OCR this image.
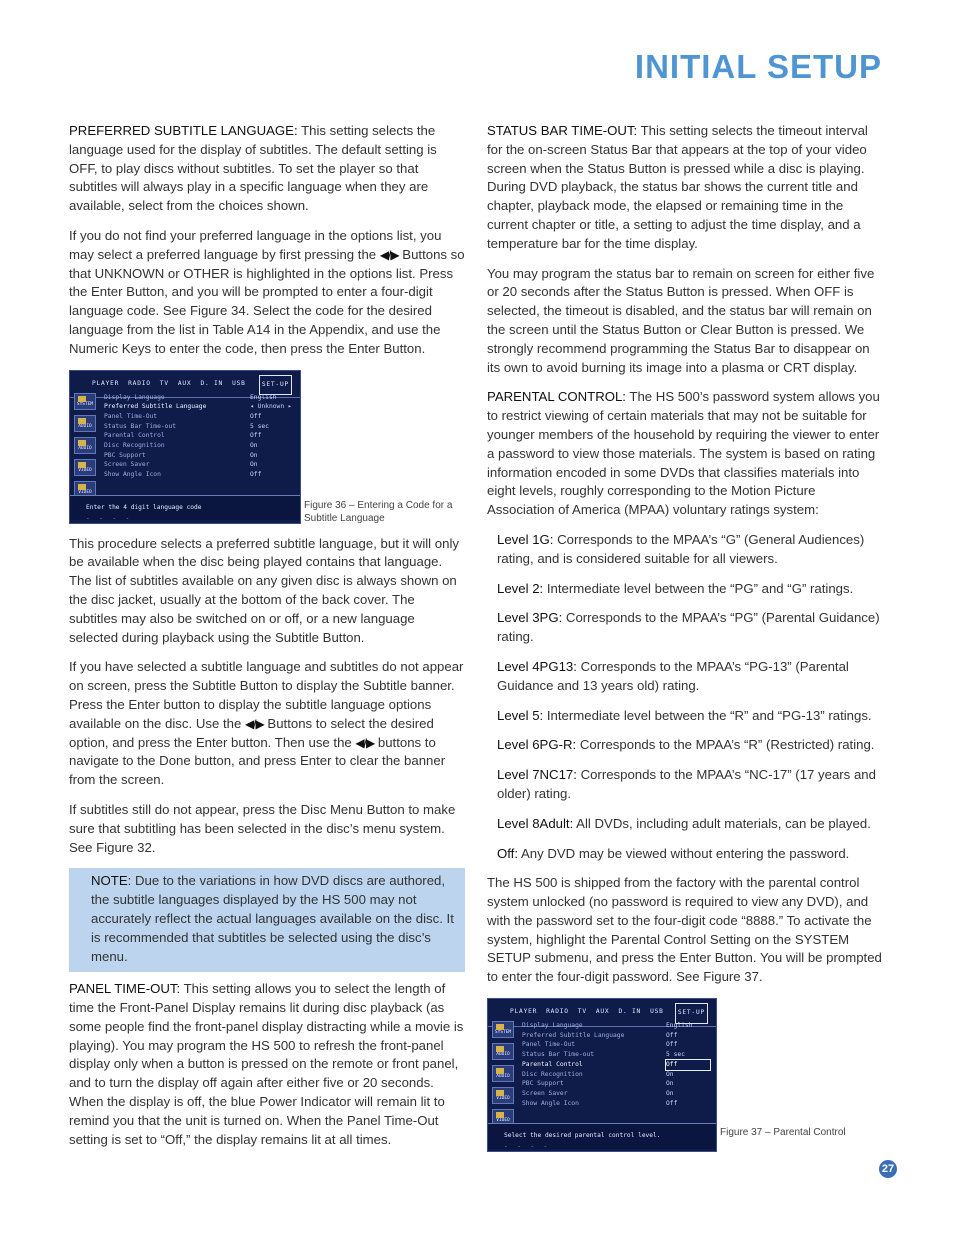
INITIAL SETUP

PREFERRED SUBTITLE LANGUAGE: This setting selects the language used for the display of subtitles. The default setting is OFF, to play discs without subtitles. To set the player so that subtitles will always play in a specific language when they are available, select from the choices shown.

If you do not find your preferred language in the options list, you may select a preferred language by first pressing the ◀/▶ Buttons so that UNKNOWN or OTHER is highlighted in the options list. Press the Enter Button, and you will be prompted to enter a four-digit language code. See Figure 34. Select the code for the desired language from the list in Table A14 in the Appendix, and use the Numeric Keys to enter the code, then press the Enter Button.

PLAYER RADIO TV AUX D. IN USB	SET-UP
SYSTEM
AUDIO
AUDIO
VIDEO
VIDEO
Display Language	English
Preferred Subtitle Language	◂ Unknown ▸
Panel Time-Out	Off
Status Bar Time-out	5 sec
Parental Control	Off
Disc Recognition	On
PBC Support	On
Screen Saver	On
Show Angle Icon	Off
Enter the 4 digit language code
- - - -
Figure 36 – Entering a Code for a Subtitle Language

This procedure selects a preferred subtitle language, but it will only be available when the disc being played contains that language. The list of subtitles available on any given disc is always shown on the disc jacket, usually at the bottom of the back cover. The subtitles may also be switched on or off, or a new language selected during playback using the Subtitle Button.

If you have selected a subtitle language and subtitles do not appear on screen, press the Subtitle Button to display the Subtitle banner. Press the Enter button to display the subtitle language options available on the disc. Use the ◀/▶ Buttons to select the desired option, and press the Enter button. Then use the ◀/▶ buttons to navigate to the Done button, and press Enter to clear the banner from the screen.

If subtitles still do not appear, press the Disc Menu Button to make sure that subtitling has been selected in the disc’s menu system. See Figure 32.

NOTE: Due to the variations in how DVD discs are authored, the subtitle languages displayed by the HS 500 may not accurately reflect the actual languages available on the disc. It is recommended that subtitles be selected using the disc’s menu.

PANEL TIME-OUT: This setting allows you to select the length of time the Front-Panel Display remains lit during disc playback (as some people find the front-panel display distracting while a movie is playing). You may program the HS 500 to refresh the front-panel display only when a button is pressed on the remote or front panel, and to turn the display off again after either five or 20 seconds. When the display is off, the blue Power Indicator will remain lit to remind you that the unit is turned on. When the Panel Time-Out setting is set to “Off,” the display remains lit at all times.

STATUS BAR TIME-OUT: This setting selects the timeout interval for the on-screen Status Bar that appears at the top of your video screen when the Status Button is pressed while a disc is playing. During DVD playback, the status bar shows the current title and chapter, playback mode, the elapsed or remaining time in the current chapter or title, a setting to adjust the time display, and a temperature bar for the time display.

You may program the status bar to remain on screen for either five or 20 seconds after the Status Button is pressed. When OFF is selected, the timeout is disabled, and the status bar will remain on the screen until the Status Button or Clear Button is pressed. We strongly recommend programming the Status Bar to disappear on its own to avoid burning its image into a plasma or CRT display.

PARENTAL CONTROL: The HS 500’s password system allows you to restrict viewing of certain materials that may not be suitable for younger members of the household by requiring the viewer to enter a password to view those materials. The system is based on rating information encoded in some DVDs that classifies materials into eight levels, roughly corresponding to the Motion Picture Association of America (MPAA) voluntary ratings system:

Level 1G: Corresponds to the MPAA’s “G” (General Audiences) rating, and is considered suitable for all viewers.

Level 2: Intermediate level between the “PG” and “G” ratings.

Level 3PG: Corresponds to the MPAA’s “PG” (Parental Guidance) rating.

Level 4PG13: Corresponds to the MPAA’s “PG-13” (Parental Guidance and 13 years old) rating.

Level 5: Intermediate level between the “R” and “PG-13” ratings.

Level 6PG-R: Corresponds to the MPAA’s “R” (Restricted) rating.

Level 7NC17: Corresponds to the MPAA’s “NC-17” (17 years and older) rating.

Level 8Adult: All DVDs, including adult materials, can be played.

Off: Any DVD may be viewed without entering the password.

The HS 500 is shipped from the factory with the parental control system unlocked (no password is required to view any DVD), and with the password set to the four-digit code “8888.” To activate the system, highlight the Parental Control Setting on the SYSTEM SETUP submenu, and press the Enter Button. You will be prompted to enter the four-digit password. See Figure 37.

PLAYER RADIO TV AUX D. IN USB	SET-UP
SYSTEM
AUDIO
AUDIO
VIDEO
VIDEO
Display Language	English
Preferred Subtitle Language	Off
Panel Time-Out	Off
Status Bar Time-out	5 sec
Parental Control	Off
Disc Recognition	On
PBC Support	On
Screen Saver	On
Show Angle Icon	Off
Select the desired parental control level.
- - - -
Figure 37 – Parental Control
27
